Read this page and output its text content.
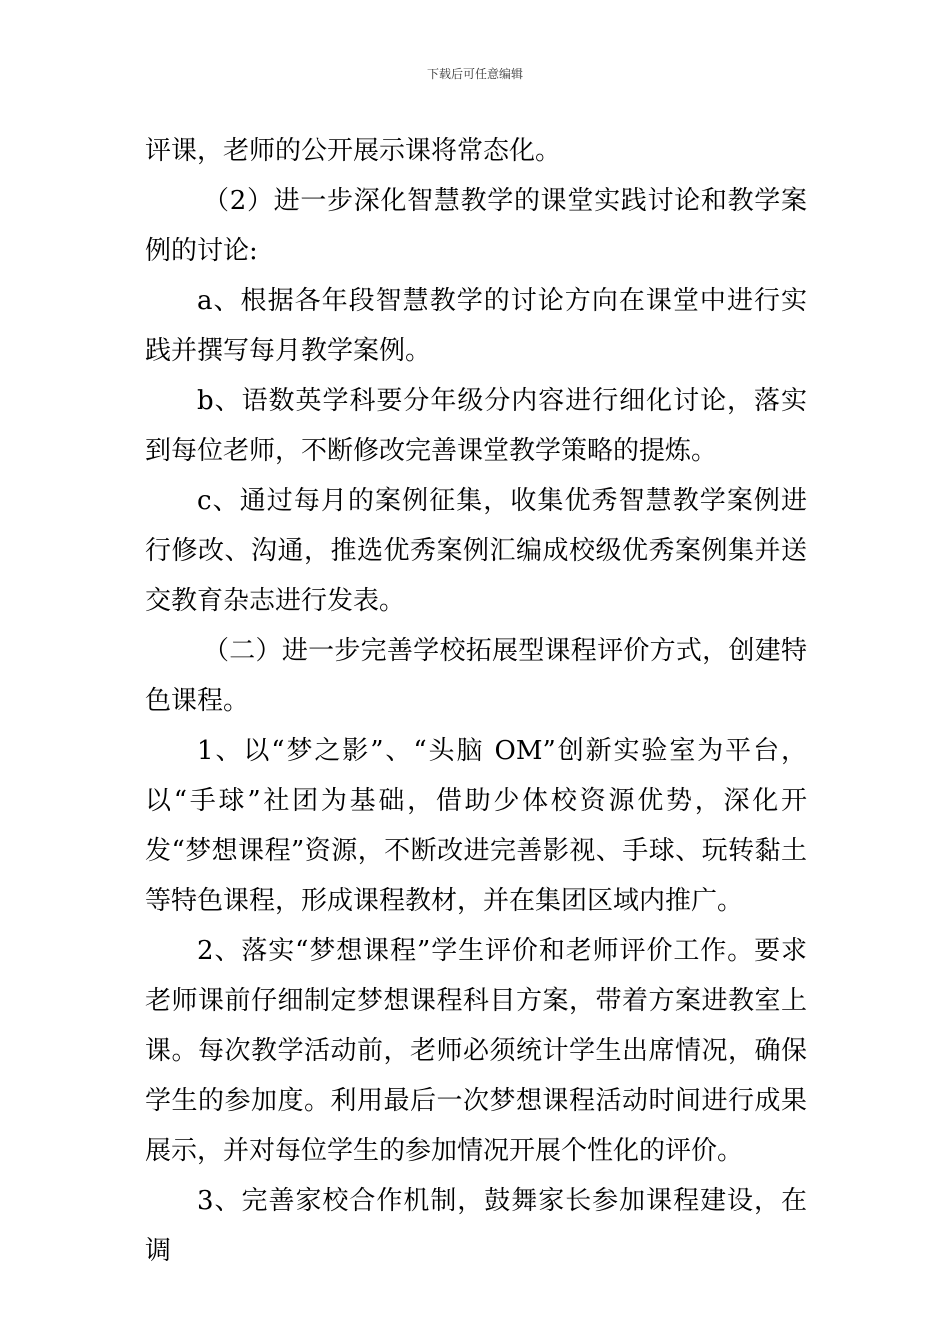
下载后可任意编辑

评课，老师的公开展示课将常态化。

（2）进一步深化智慧教学的课堂实践讨论和教学案例的讨论:

a、根据各年段智慧教学的讨论方向在课堂中进行实践并撰写每月教学案例。

b、语数英学科要分年级分内容进行细化讨论，落实到每位老师，不断修改完善课堂教学策略的提炼。

c、通过每月的案例征集，收集优秀智慧教学案例进行修改、沟通，推选优秀案例汇编成校级优秀案例集并送交教育杂志进行发表。

（二）进一步完善学校拓展型课程评价方式，创建特色课程。

1、以“梦之影”、“头脑 OM”创新实验室为平台，以“手球”社团为基础，借助少体校资源优势，深化开发“梦想课程”资源，不断改进完善影视、手球、玩转黏土等特色课程，形成课程教材，并在集团区域内推广。

2、落实“梦想课程”学生评价和老师评价工作。要求老师课前仔细制定梦想课程科目方案，带着方案进教室上课。每次教学活动前，老师必须统计学生出席情况，确保学生的参加度。利用最后一次梦想课程活动时间进行成果展示，并对每位学生的参加情况开展个性化的评价。

3、完善家校合作机制，鼓舞家长参加课程建设，在调
